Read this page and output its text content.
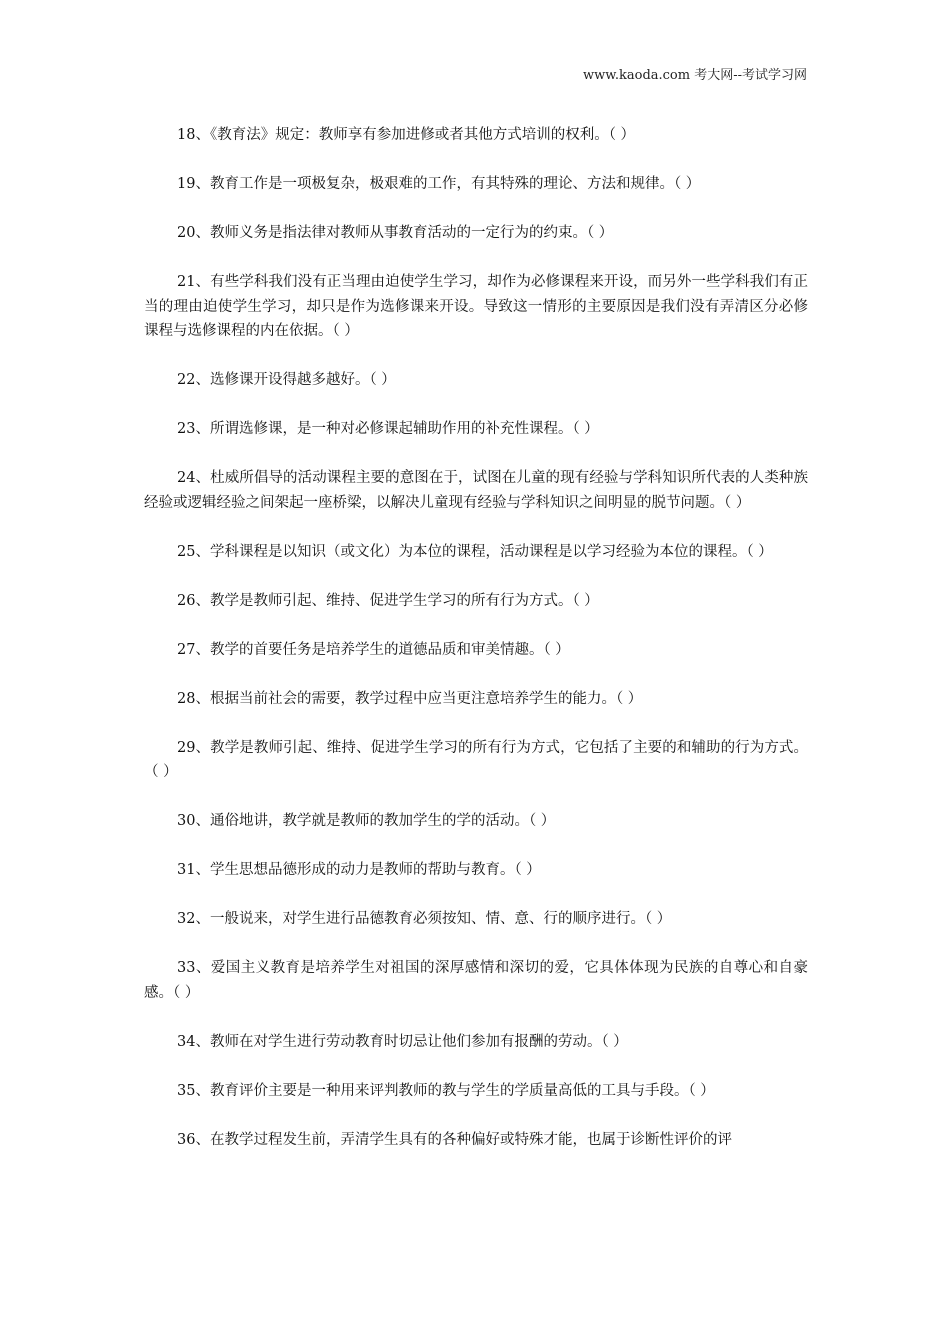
www.kaoda.com 考大网--考试学习网

18、《教育法》规定：教师享有参加进修或者其他方式培训的权利。（ ）

19、教育工作是一项极复杂，极艰难的工作，有其特殊的理论、方法和规律。（ ）

20、教师义务是指法律对教师从事教育活动的一定行为的约束。（ ）

21、有些学科我们没有正当理由迫使学生学习，却作为必修课程来开设，而另外一些学科我们有正当的理由迫使学生学习，却只是作为选修课来开设。导致这一情形的主要原因是我们没有弄清区分必修课程与选修课程的内在依据。（ ）

22、选修课开设得越多越好。（ ）

23、所谓选修课，是一种对必修课起辅助作用的补充性课程。（ ）

24、杜威所倡导的活动课程主要的意图在于，试图在儿童的现有经验与学科知识所代表的人类种族经验或逻辑经验之间架起一座桥梁，以解决儿童现有经验与学科知识之间明显的脱节问题。（ ）

25、学科课程是以知识（或文化）为本位的课程，活动课程是以学习经验为本位的课程。（ ）

26、教学是教师引起、维持、促进学生学习的所有行为方式。（ ）

27、教学的首要任务是培养学生的道德品质和审美情趣。（ ）

28、根据当前社会的需要，教学过程中应当更注意培养学生的能力。（ ）

29、教学是教师引起、维持、促进学生学习的所有行为方式，它包括了主要的和辅助的行为方式。（ ）

30、通俗地讲，教学就是教师的教加学生的学的活动。（ ）

31、学生思想品德形成的动力是教师的帮助与教育。（ ）

32、一般说来，对学生进行品德教育必须按知、情、意、行的顺序进行。（ ）

33、爱国主义教育是培养学生对祖国的深厚感情和深切的爱，它具体体现为民族的自尊心和自豪感。（ ）

34、教师在对学生进行劳动教育时切忌让他们参加有报酬的劳动。（ ）

35、教育评价主要是一种用来评判教师的教与学生的学质量高低的工具与手段。（ ）

36、在教学过程发生前，弄清学生具有的各种偏好或特殊才能，也属于诊断性评价的评
